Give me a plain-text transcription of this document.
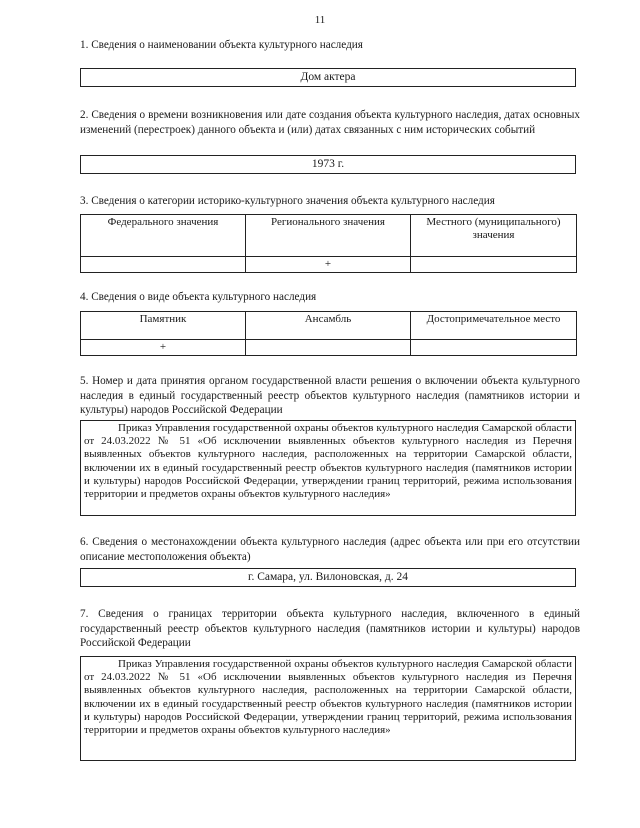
11
1. Сведения о наименовании объекта культурного наследия
Дом актера
2. Сведения о времени возникновения или дате создания объекта культурного наследия, датах основных изменений (перестроек) данного объекта и (или) датах связанных с ним исторических событий
1973 г.
3. Сведения о категории историко-культурного значения объекта культурного наследия
Федерального значения	Регионального значения	Местного (муниципального) значения
	+	
4. Сведения о виде объекта культурного наследия
Памятник	Ансамбль	Достопримечательное место
+		
5. Номер и дата принятия органом государственной власти решения о включении объекта культурного наследия в единый государственный реестр объектов культурного наследия (памятников истории и культуры) народов Российской Федерации
Приказ Управления государственной охраны объектов культурного наследия Самарской области от 24.03.2022 № 51 «Об исключении выявленных объектов культурного наследия из Перечня выявленных объектов культурного наследия, расположенных на территории Самарской области, включении их в единый государственный реестр объектов культурного наследия (памятников истории и культуры) народов Российской Федерации, утверждении границ территорий, режима использования территории и предметов охраны объектов культурного наследия»
6. Сведения о местонахождении объекта культурного наследия (адрес объекта или при его отсутствии описание местоположения объекта)
г. Самара, ул. Вилоновская, д. 24
7. Сведения о границах территории объекта культурного наследия, включенного в единый государственный реестр объектов культурного наследия (памятников истории и культуры) народов Российской Федерации
Приказ Управления государственной охраны объектов культурного наследия Самарской области от 24.03.2022 № 51 «Об исключении выявленных объектов культурного наследия из Перечня выявленных объектов культурного наследия, расположенных на территории Самарской области, включении их в единый государственный реестр объектов культурного наследия (памятников истории и культуры) народов Российской Федерации, утверждении границ территорий, режима использования территории и предметов охраны объектов культурного наследия»
